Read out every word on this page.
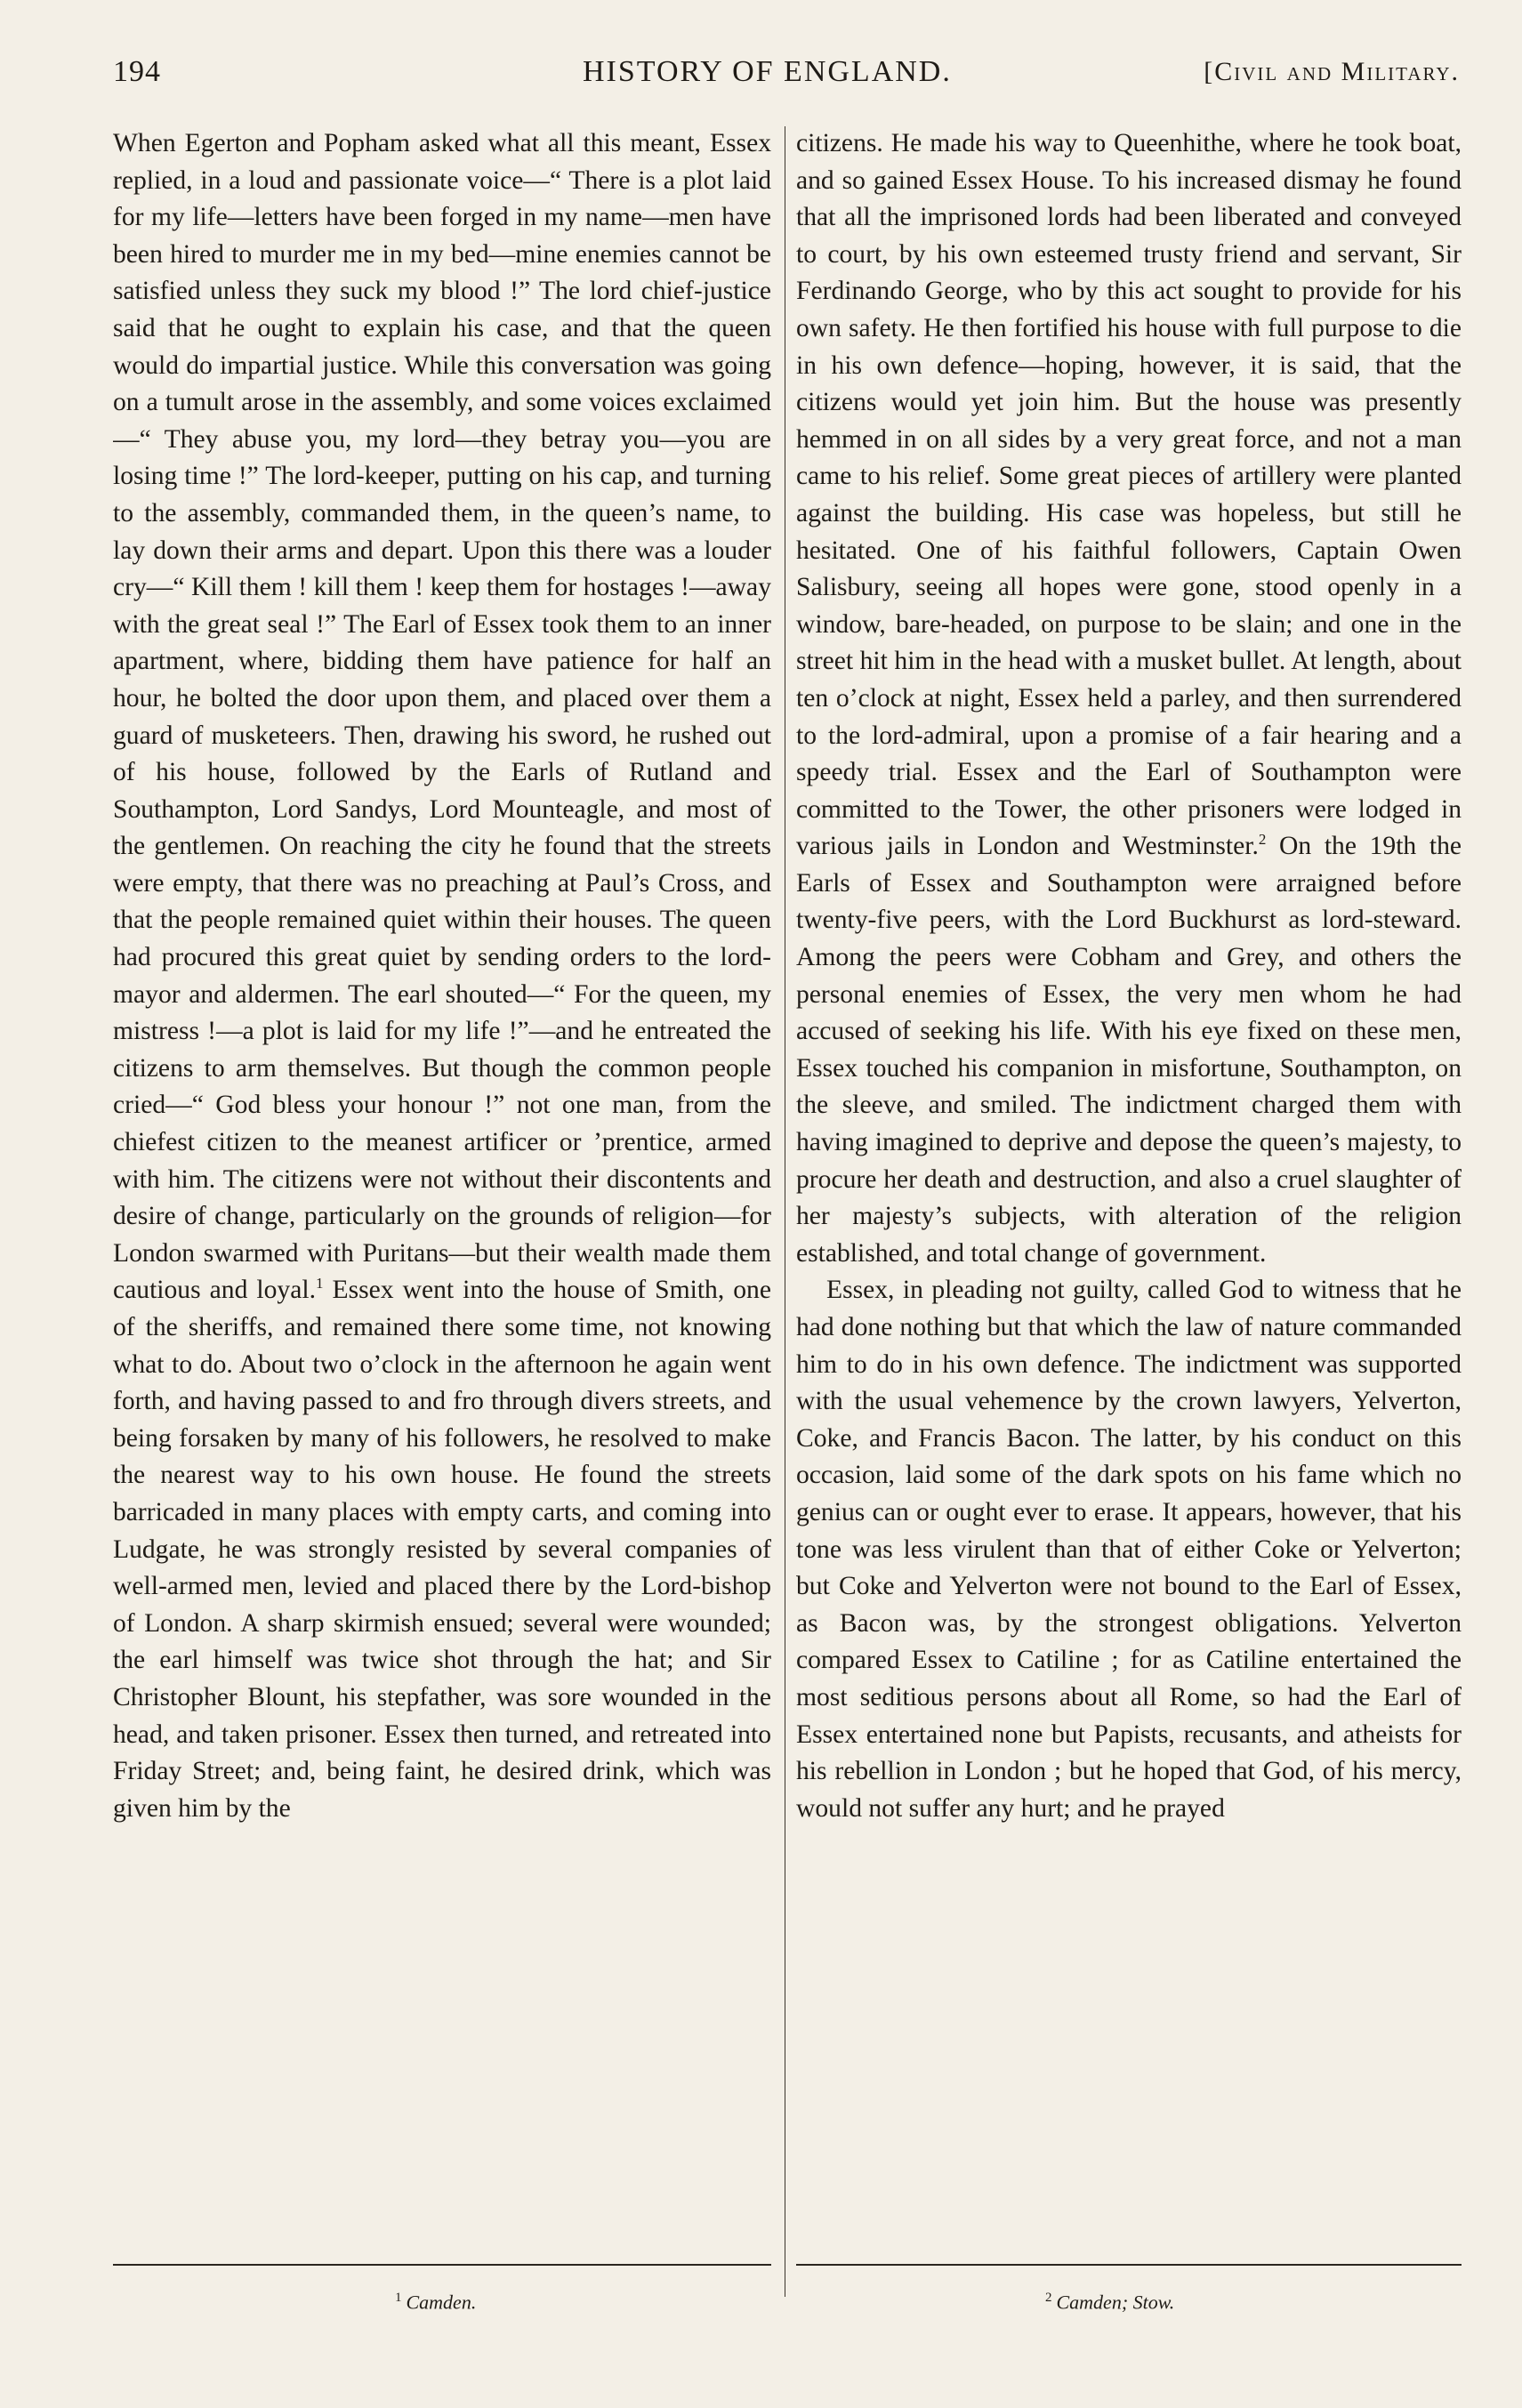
194	HISTORY OF ENGLAND.	[Civil and Military.

When Egerton and Popham asked what all this meant, Essex replied, in a loud and passionate voice—“ There is a plot laid for my life—letters have been forged in my name—men have been hired to murder me in my bed—mine enemies cannot be satisfied unless they suck my blood !” The lord chief-justice said that he ought to explain his case, and that the queen would do impartial justice. While this conversation was going on a tumult arose in the assembly, and some voices exclaimed—“ They abuse you, my lord—they betray you—you are losing time !” The lord-keeper, putting on his cap, and turning to the assembly, commanded them, in the queen’s name, to lay down their arms and depart. Upon this there was a louder cry—“ Kill them ! kill them ! keep them for hostages !—away with the great seal !” The Earl of Essex took them to an inner apartment, where, bidding them have patience for half an hour, he bolted the door upon them, and placed over them a guard of musketeers. Then, drawing his sword, he rushed out of his house, followed by the Earls of Rutland and Southampton, Lord Sandys, Lord Mounteagle, and most of the gentlemen. On reaching the city he found that the streets were empty, that there was no preaching at Paul’s Cross, and that the people remained quiet within their houses. The queen had procured this great quiet by sending orders to the lord-mayor and aldermen. The earl shouted—“ For the queen, my mistress !—a plot is laid for my life !”—and he entreated the citizens to arm themselves. But though the common people cried—“ God bless your honour !” not one man, from the chiefest citizen to the meanest artificer or ’prentice, armed with him. The citizens were not without their discontents and desire of change, particularly on the grounds of religion—for London swarmed with Puritans—but their wealth made them cautious and loyal.$^1$ Essex went into the house of Smith, one of the sheriffs, and remained there some time, not knowing what to do. About two o’clock in the afternoon he again went forth, and having passed to and fro through divers streets, and being forsaken by many of his followers, he resolved to make the nearest way to his own house. He found the streets barricaded in many places with empty carts, and coming into Ludgate, he was strongly resisted by several companies of well-armed men, levied and placed there by the Lord-bishop of London. A sharp skirmish ensued; several were wounded; the earl himself was twice shot through the hat; and Sir Christopher Blount, his stepfather, was sore wounded in the head, and taken prisoner. Essex then turned, and retreated into Friday Street; and, being faint, he desired drink, which was given him by the

citizens. He made his way to Queenhithe, where he took boat, and so gained Essex House. To his increased dismay he found that all the imprisoned lords had been liberated and conveyed to court, by his own esteemed trusty friend and servant, Sir Ferdinando George, who by this act sought to provide for his own safety. He then fortified his house with full purpose to die in his own defence—hoping, however, it is said, that the citizens would yet join him. But the house was presently hemmed in on all sides by a very great force, and not a man came to his relief. Some great pieces of artillery were planted against the building. His case was hopeless, but still he hesitated. One of his faithful followers, Captain Owen Salisbury, seeing all hopes were gone, stood openly in a window, bare-headed, on purpose to be slain; and one in the street hit him in the head with a musket bullet. At length, about ten o’clock at night, Essex held a parley, and then surrendered to the lord-admiral, upon a promise of a fair hearing and a speedy trial. Essex and the Earl of Southampton were committed to the Tower, the other prisoners were lodged in various jails in London and Westminster.$^2$ On the 19th the Earls of Essex and Southampton were arraigned before twenty-five peers, with the Lord Buckhurst as lord-steward. Among the peers were Cobham and Grey, and others the personal enemies of Essex, the very men whom he had accused of seeking his life. With his eye fixed on these men, Essex touched his companion in misfortune, Southampton, on the sleeve, and smiled. The indictment charged them with having imagined to deprive and depose the queen’s majesty, to procure her death and destruction, and also a cruel slaughter of her majesty’s subjects, with alteration of the religion established, and total change of government.

Essex, in pleading not guilty, called God to witness that he had done nothing but that which the law of nature commanded him to do in his own defence. The indictment was supported with the usual vehemence by the crown lawyers, Yelverton, Coke, and Francis Bacon. The latter, by his conduct on this occasion, laid some of the dark spots on his fame which no genius can or ought ever to erase. It appears, however, that his tone was less virulent than that of either Coke or Yelverton; but Coke and Yelverton were not bound to the Earl of Essex, as Bacon was, by the strongest obligations. Yelverton compared Essex to Catiline ; for as Catiline entertained the most seditious persons about all Rome, so had the Earl of Essex entertained none but Papists, recusants, and atheists for his rebellion in London ; but he hoped that God, of his mercy, would not suffer any hurt; and he prayed

$^1$ Camden.	$^2$ Camden; Stow.
